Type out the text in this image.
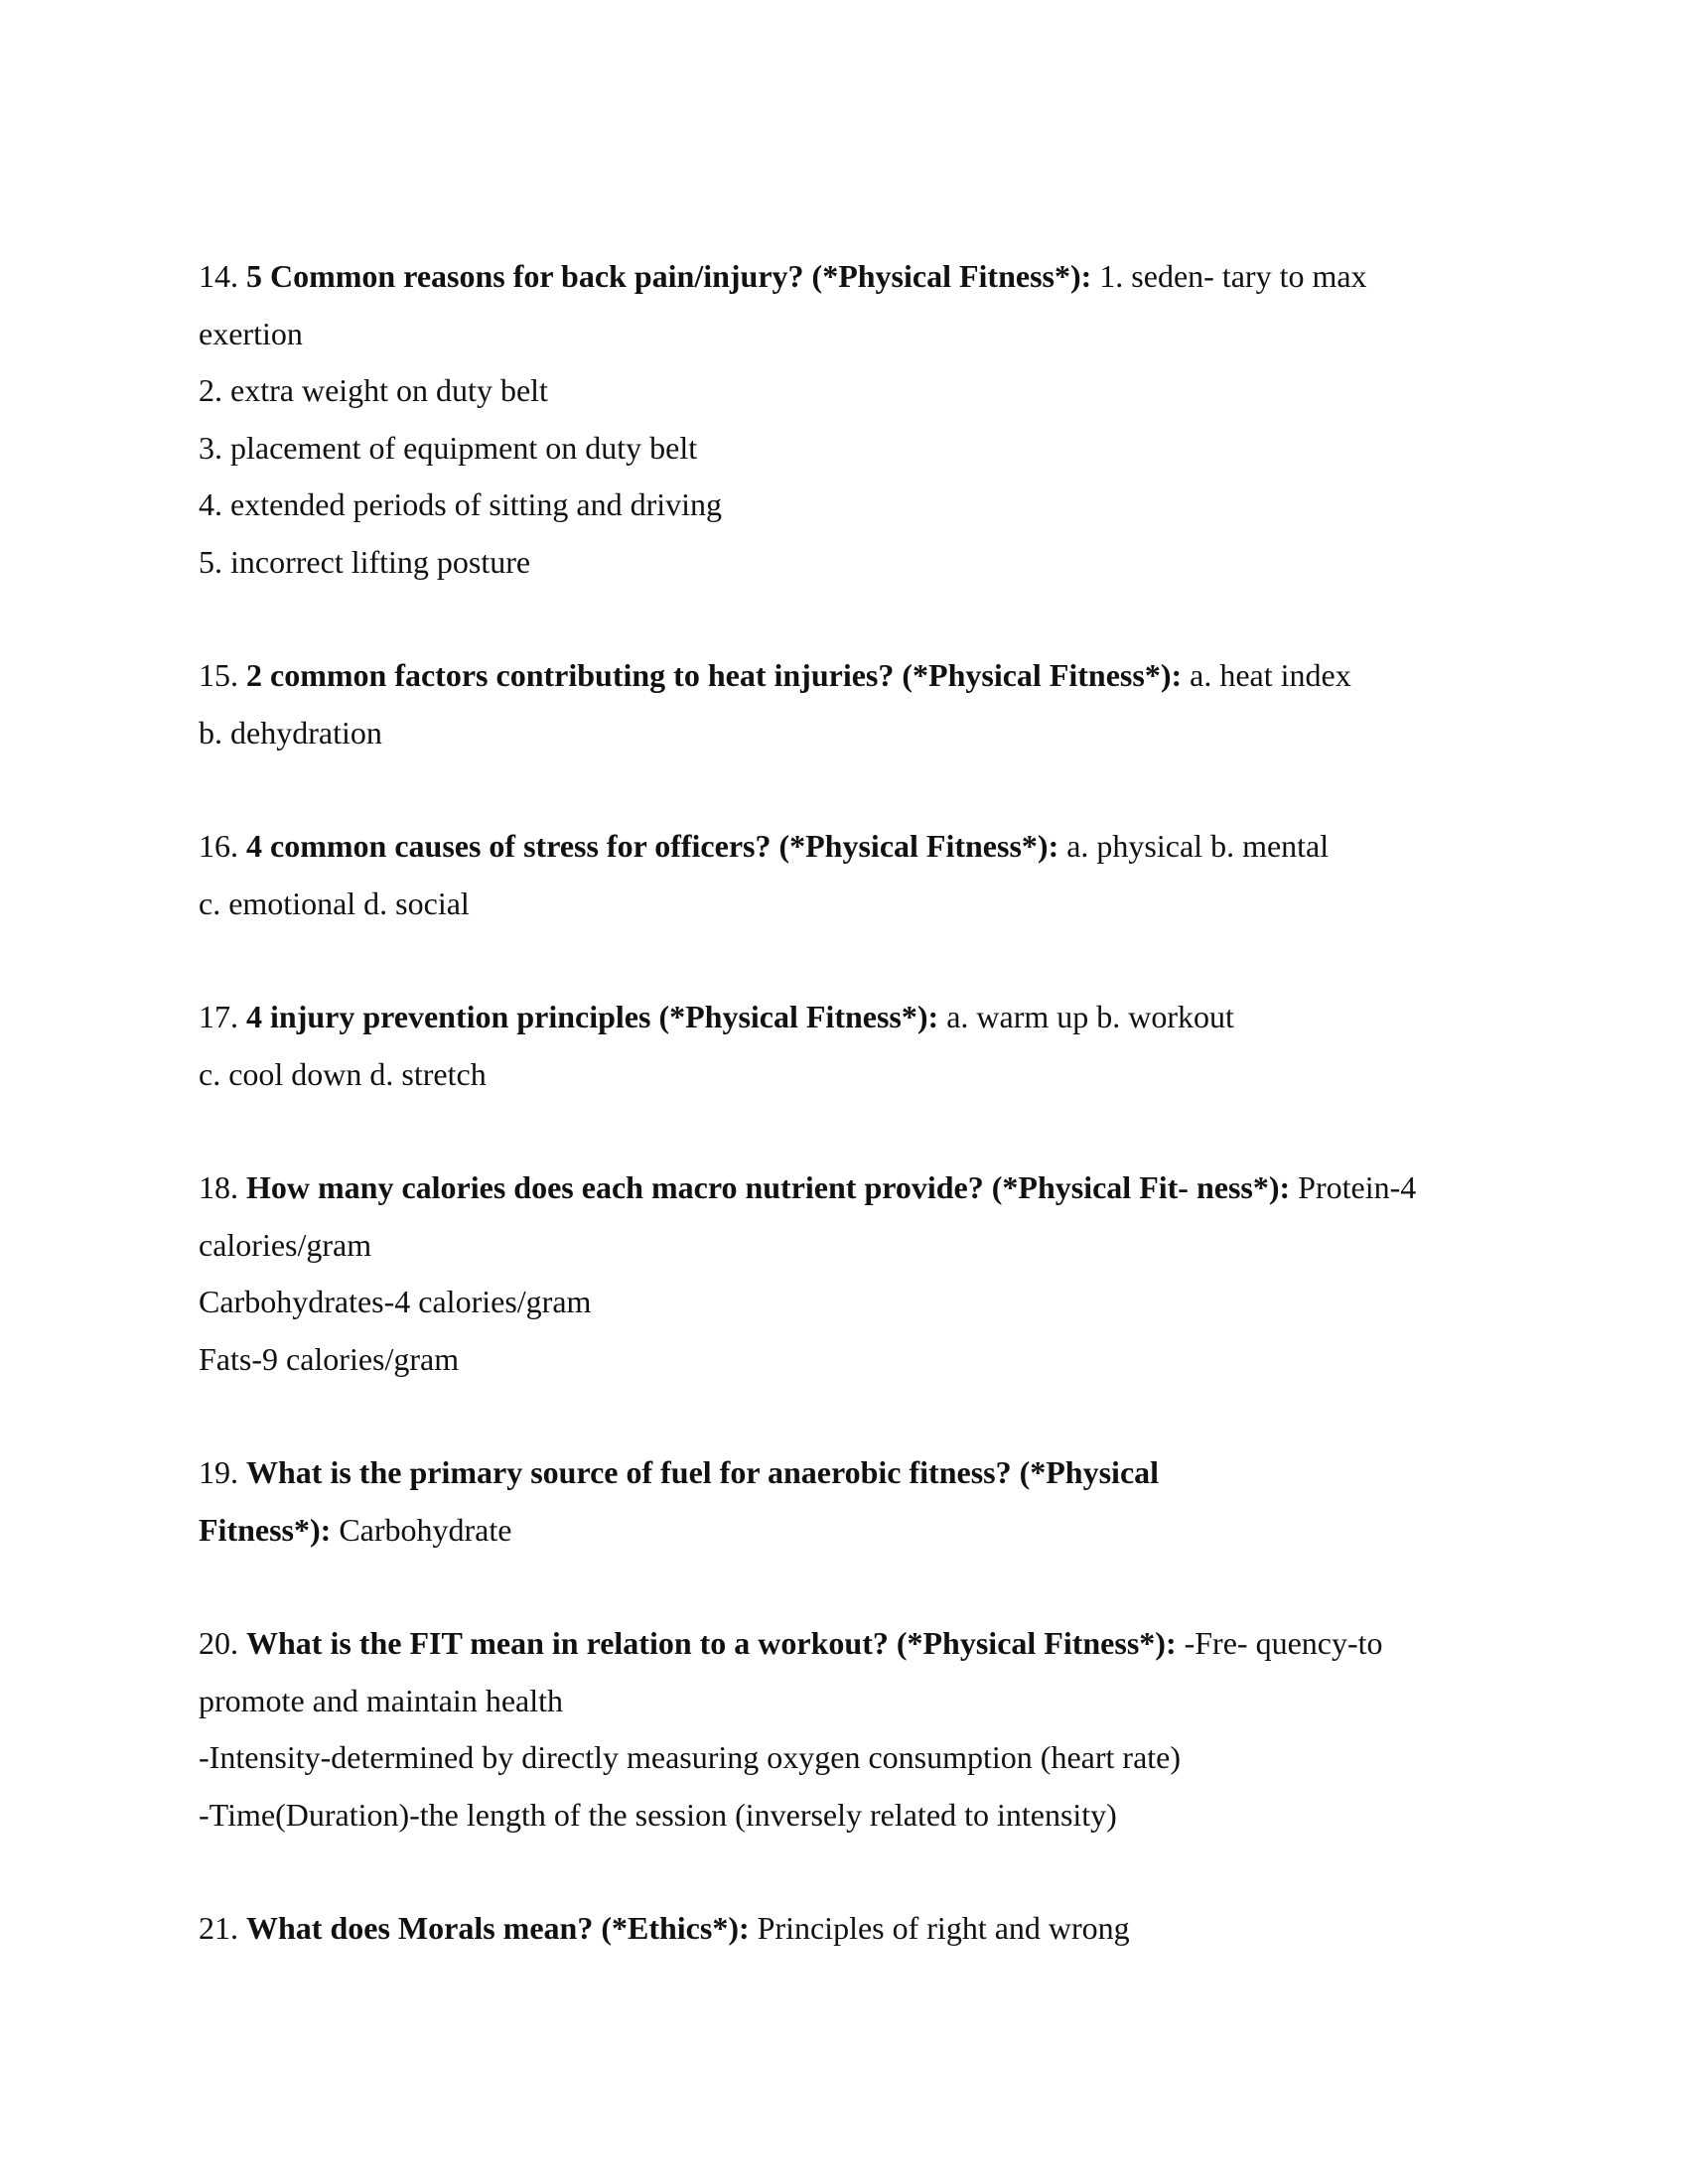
14. 5 Common reasons for back pain/injury? (*Physical Fitness*): 1. seden- tary to max
exertion
2. extra weight on duty belt
3. placement of equipment on duty belt
4. extended periods of sitting and driving
5. incorrect lifting posture
15. 2 common factors contributing to heat injuries? (*Physical Fitness*): a. heat index
b. dehydration
16. 4 common causes of stress for officers? (*Physical Fitness*): a. physical b. mental
c. emotional d. social
17. 4 injury prevention principles (*Physical Fitness*): a. warm up b. workout
c. cool down d. stretch
18. How many calories does each macro nutrient provide? (*Physical Fit- ness*): Protein-4
calories/gram
Carbohydrates-4 calories/gram
Fats-9 calories/gram
19. What is the primary source of fuel for anaerobic fitness? (*Physical
Fitness*): Carbohydrate
20. What is the FIT mean in relation to a workout? (*Physical Fitness*): -Fre- quency-to
promote and maintain health
-Intensity-determined by directly measuring oxygen consumption (heart rate)
-Time(Duration)-the length of the session (inversely related to intensity)
21. What does Morals mean? (*Ethics*): Principles of right and wrong
